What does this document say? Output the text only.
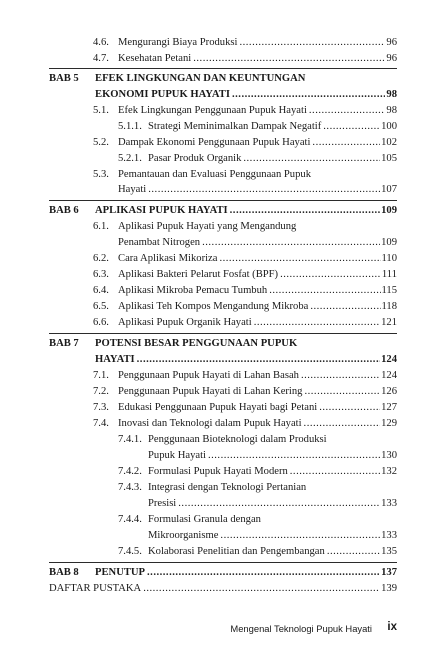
4.6. Mengurangi Biaya Produksi .....	96
4.7. Kesehatan Petani .....	96
BAB 5 EFEK LINGKUNGAN DAN KEUNTUNGAN
EKONOMI PUPUK HAYATI .....	98
5.1. Efek Lingkungan Penggunaan Pupuk Hayati .....	98
5.1.1. Strategi Meminimalkan Dampak Negatif .....	100
5.2. Dampak Ekonomi Penggunaan Pupuk Hayati .....	102
5.2.1. Pasar Produk Organik .....	105
5.3. Pemantauan dan Evaluasi Penggunaan Pupuk
Hayati .....	107
BAB 6 APLIKASI PUPUK HAYATI .....	109
6.1. Aplikasi Pupuk Hayati yang Mengandung
Penambat Nitrogen .....	109
6.2. Cara Aplikasi Mikoriza .....	110
6.3. Aplikasi Bakteri Pelarut Fosfat (BPF) .....	111
6.4. Aplikasi Mikroba Pemacu Tumbuh .....	115
6.5. Aplikasi Teh Kompos Mengandung Mikroba .....	118
6.6. Aplikasi Pupuk Organik Hayati .....	121
BAB 7 POTENSI BESAR PENGGUNAAN PUPUK
HAYATI .....	124
7.1. Penggunaan Pupuk Hayati di Lahan Basah .....	124
7.2. Penggunaan Pupuk Hayati di Lahan Kering .....	126
7.3. Edukasi Penggunaan Pupuk Hayati bagi Petani .....	127
7.4. Inovasi dan Teknologi dalam Pupuk Hayati .....	129
7.4.1. Penggunaan Bioteknologi dalam Produksi
Pupuk Hayati .....	130
7.4.2. Formulasi Pupuk Hayati Modern .....	132
7.4.3. Integrasi dengan Teknologi Pertanian
Presisi .....	133
7.4.4. Formulasi Granula dengan
Mikroorganisme .....	133
7.4.5. Kolaborasi Penelitian dan Pengembangan .....	135
BAB 8 PENUTUP .....	137
DAFTAR PUSTAKA .....	139
Mengenal Teknologi Pupuk Hayati ix
